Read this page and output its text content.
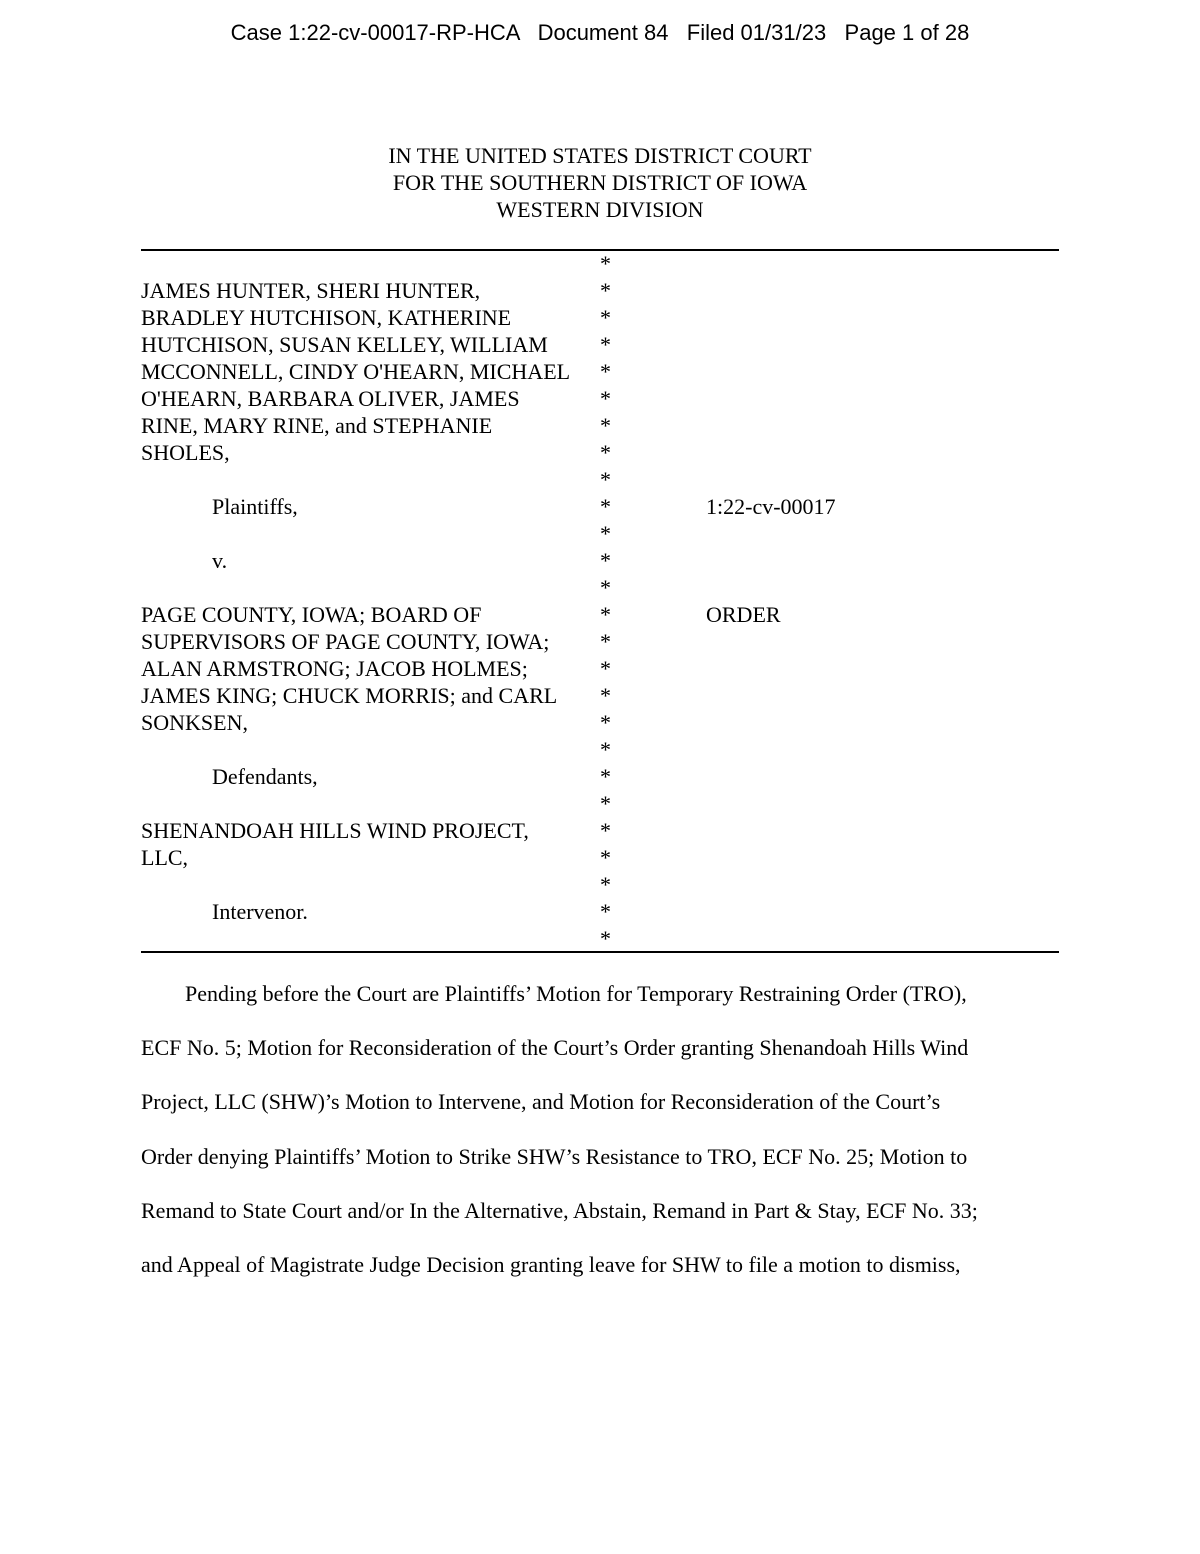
Case 1:22-cv-00017-RP-HCA   Document 84   Filed 01/31/23   Page 1 of 28
IN THE UNITED STATES DISTRICT COURT
FOR THE SOUTHERN DISTRICT OF IOWA
WESTERN DIVISION
*
JAMES HUNTER, SHERI HUNTER,	*
BRADLEY HUTCHISON, KATHERINE	*
HUTCHISON, SUSAN KELLEY, WILLIAM *
MCCONNELL, CINDY O'HEARN, MICHAEL *
O'HEARN, BARBARA OLIVER, JAMES	*
RINE, MARY RINE, and STEPHANIE	*
SHOLES,	*
*
Plaintiffs,	*	1:22-cv-00017
*
v.	*
*
PAGE COUNTY, IOWA; BOARD OF	*	ORDER
SUPERVISORS OF PAGE COUNTY, IOWA; *
ALAN ARMSTRONG; JACOB HOLMES;	*
JAMES KING; CHUCK MORRIS; and CARL *
SONKSEN,	*
*
Defendants,	*
*
SHENANDOAH HILLS WIND PROJECT,	*
LLC,	*
*
Intervenor.	*
*

Pending before the Court are Plaintiffs’ Motion for Temporary Restraining Order (TRO),

ECF No. 5; Motion for Reconsideration of the Court’s Order granting Shenandoah Hills Wind

Project, LLC (SHW)’s Motion to Intervene, and Motion for Reconsideration of the Court’s

Order denying Plaintiffs’ Motion to Strike SHW’s Resistance to TRO, ECF No. 25; Motion to

Remand to State Court and/or In the Alternative, Abstain, Remand in Part & Stay, ECF No. 33;

and Appeal of Magistrate Judge Decision granting leave for SHW to file a motion to dismiss,
